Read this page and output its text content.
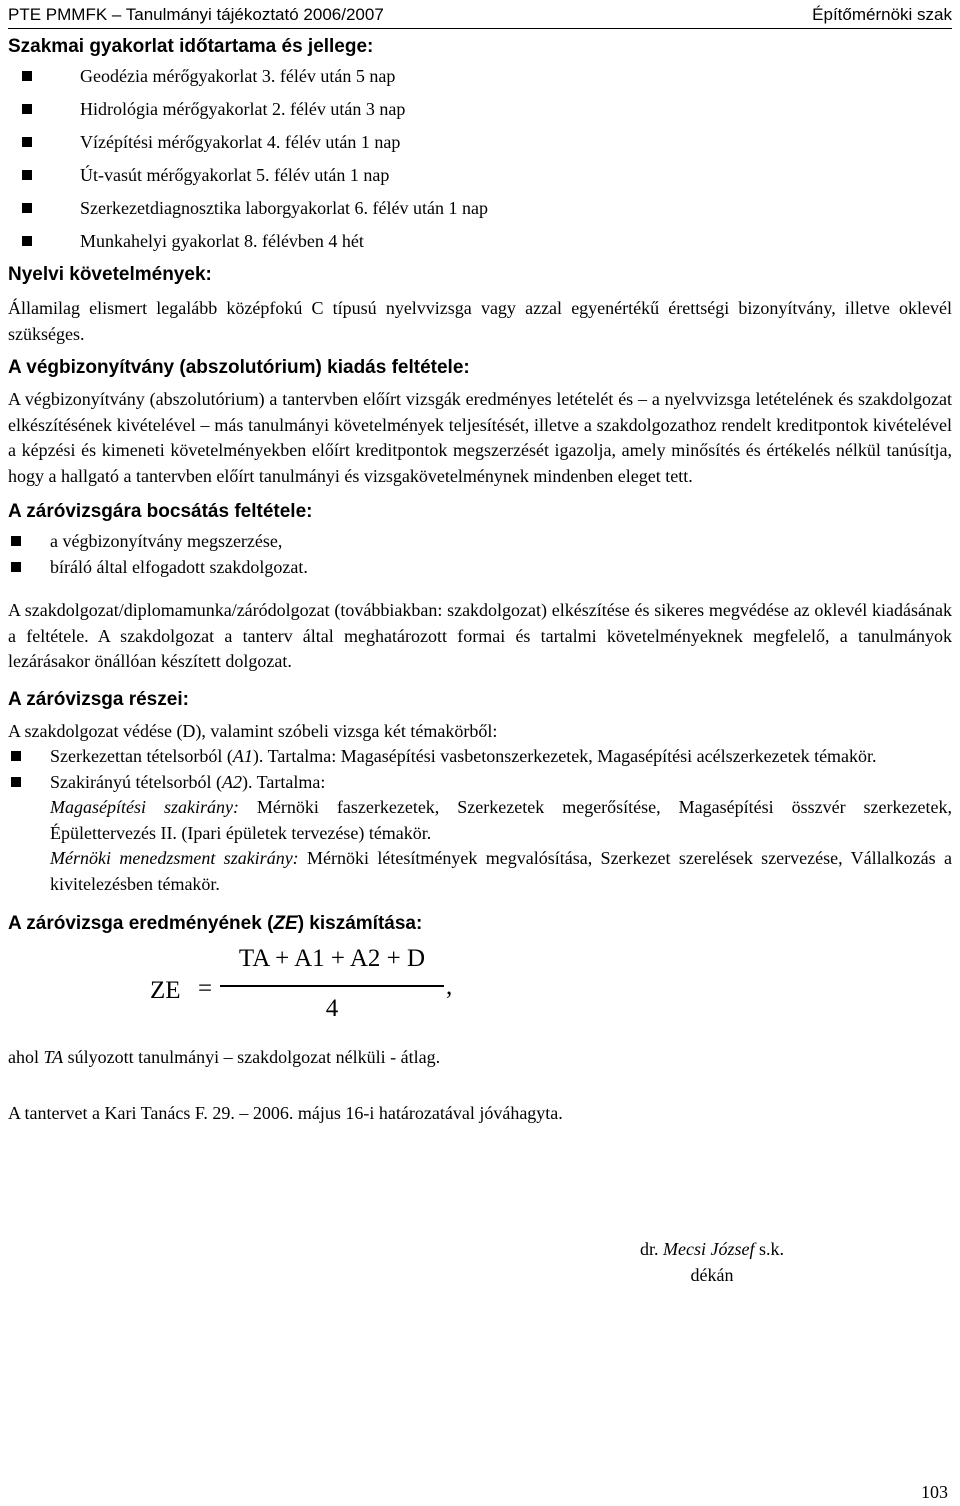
PTE PMMFK – Tanulmányi tájékoztató 2006/2007	Építőmérnöki szak
Szakmai gyakorlat időtartama és jellege:
Geodézia mérőgyakorlat 3. félév után 5 nap
Hidrológia mérőgyakorlat 2. félév után 3 nap
Vízépítési mérőgyakorlat 4. félév után 1 nap
Út-vasút mérőgyakorlat 5. félév után 1 nap
Szerkezetdiagnosztika laborgyakorlat 6. félév után 1 nap
Munkahelyi gyakorlat 8. félévben 4 hét
Nyelvi követelmények:

Államilag elismert legalább középfokú C típusú nyelvvizsga vagy azzal egyenértékű érettségi bizonyítvány, illetve oklevél szükséges.

A végbizonyítvány (abszolutórium) kiadás feltétele:

A végbizonyítvány (abszolutórium) a tantervben előírt vizsgák eredményes letételét és – a nyelvvizsga letételének és szakdolgozat elkészítésének kivételével – más tanulmányi követelmények teljesítését, illetve a szakdolgozathoz rendelt kreditpontok kivételével a képzési és kimeneti követelményekben előírt kreditpontok megszerzését igazolja, amely minősítés és értékelés nélkül tanúsítja, hogy a hallgató a tantervben előírt tanulmányi és vizsgakövetelménynek mindenben eleget tett.

A záróvizsgára bocsátás feltétele:
a végbizonyítvány megszerzése,
bíráló által elfogadott szakdolgozat.

A szakdolgozat/diplomamunka/záródolgozat (továbbiakban: szakdolgozat) elkészítése és sikeres megvédése az oklevél kiadásának a feltétele. A szakdolgozat a tanterv által meghatározott formai és tartalmi követelményeknek megfelelő, a tanulmányok lezárásakor önállóan készített dolgozat.

A záróvizsga részei:

A szakdolgozat védése (D), valamint szóbeli vizsga két témakörből:

Szerkezettan tételsorból (A1). Tartalma: Magasépítési vasbetonszerkezetek, Magasépítési acélszerkezetek témakör.
Szakirányú tételsorból (A2). Tartalma:
Magasépítési szakirány: Mérnöki faszerkezetek, Szerkezetek megerősítése, Magasépítési összvér szerkezetek, Épülettervezés II. (Ipari épületek tervezése) témakör.
Mérnöki menedzsment szakirány: Mérnöki létesítmények megvalósítása, Szerkezet szerelések szervezése, Vállalkozás a kivitelezésben témakör.
A záróvizsga eredményének (ZE) kiszámítása:
ZE =
TA + A1 + A2 + D
4
,

ahol TA súlyozott tanulmányi – szakdolgozat nélküli - átlag.

A tantervet a Kari Tanács F. 29. – 2006. május 16-i határozatával jóváhagyta.

dr. Mecsi József s.k.
dékán
103
